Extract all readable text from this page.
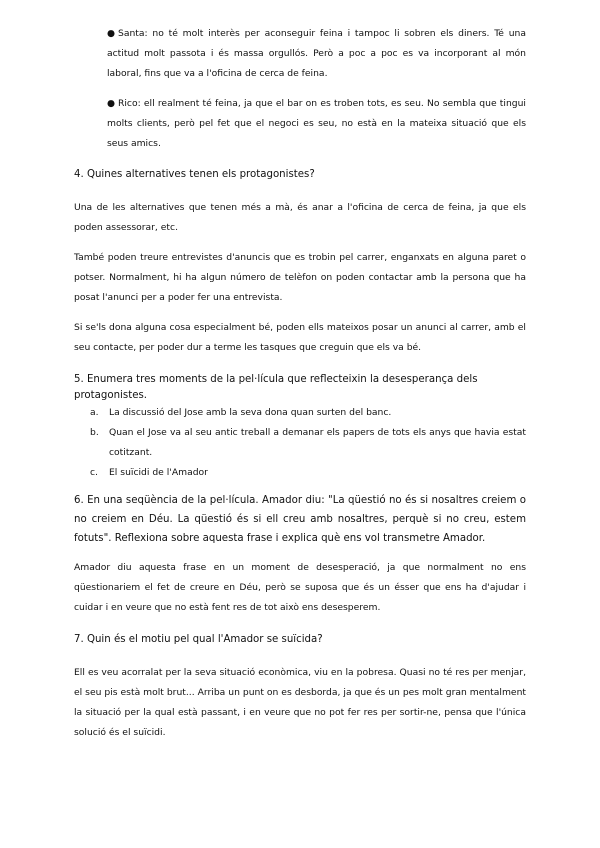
● Santa: no té molt interès per aconseguir feina i tampoc li sobren els diners. Té una actitud molt passota i és massa orgullós. Però a poc a poc es va incorporant al món laboral, fins que va a l'oficina de cerca de feina.

● Rico: ell realment té feina, ja que el bar on es troben tots, es seu. No sembla que tingui molts clients, però pel fet que el negoci es seu, no està en la mateixa situació que els seus amics.

4. Quines alternatives tenen els protagonistes?

Una de les alternatives que tenen més a mà, és anar a l'oficina de cerca de feina, ja que els poden assessorar, etc.

També poden treure entrevistes d'anuncis que es trobin pel carrer, enganxats en alguna paret o potser. Normalment, hi ha algun número de telèfon on poden contactar amb la persona que ha posat l'anunci per a poder fer una entrevista.

Si se'ls dona alguna cosa especialment bé, poden ells mateixos posar un anunci al carrer, amb el seu contacte, per poder dur a terme les tasques que creguin que els va bé.

5. Enumera tres moments de la pel·lícula que reflecteixin la desesperança dels protagonistes.

a. La discussió del Jose amb la seva dona quan surten del banc.
b. Quan el Jose va al seu antic treball a demanar els papers de tots els anys que havia estat cotitzant.
c. El suïcidi de l'Amador

6. En una seqüència de la pel·lícula. Amador diu: "La qüestió no és si nosaltres creiem o no creiem en Déu. La qüestió és si ell creu amb nosaltres, perquè si no creu, estem fotuts". Reflexiona sobre aquesta frase i explica què ens vol transmetre Amador.

Amador diu aquesta frase en un moment de desesperació, ja que normalment no ens qüestionariem el fet de creure en Déu, però se suposa que és un ésser que ens ha d'ajudar i cuidar i en veure que no està fent res de tot això ens desesperem.

7. Quin és el motiu pel qual l'Amador se suïcida?

Ell es veu acorralat per la seva situació econòmica, viu en la pobresa. Quasi no té res per menjar, el seu pis està molt brut... Arriba un punt on es desborda, ja que és un pes molt gran mentalment la situació per la qual està passant, i en veure que no pot fer res per sortir-ne, pensa que l'única solució és el suïcidi.
